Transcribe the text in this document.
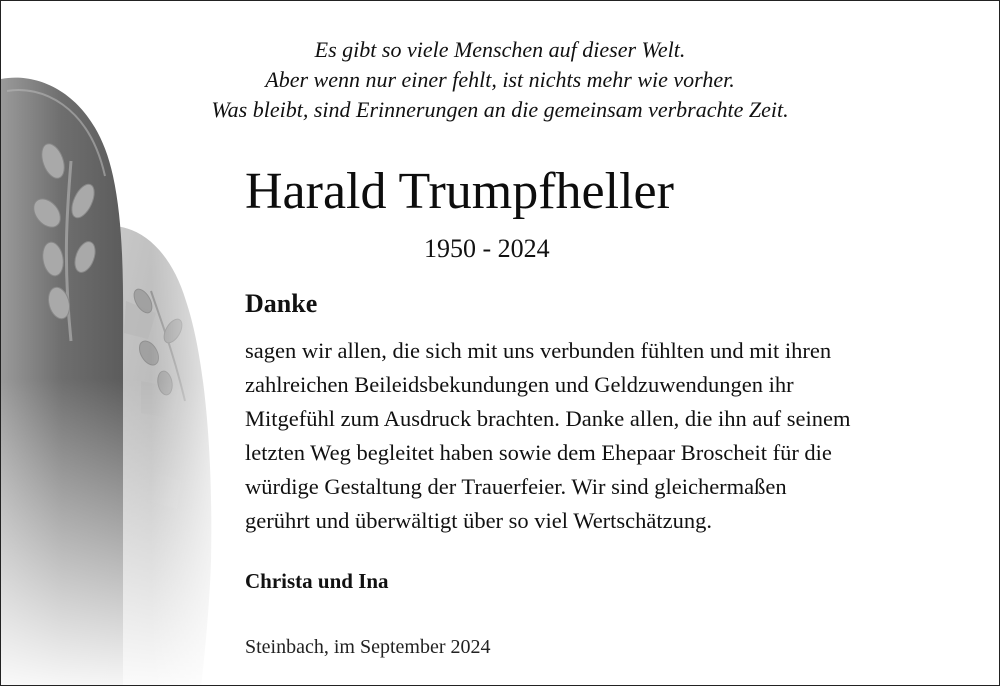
Es gibt so viele Menschen auf dieser Welt.
Aber wenn nur einer fehlt, ist nichts mehr wie vorher.
Was bleibt, sind Erinnerungen an die gemeinsam verbrachte Zeit.
Harald Trumpfheller
1950 - 2024
Danke
sagen wir allen, die sich mit uns verbunden fühlten und mit ihren
zahlreichen Beileidsbekundungen und Geldzuwendungen ihr
Mitgefühl zum Ausdruck brachten. Danke allen, die ihn auf seinem
letzten Weg begleitet haben sowie dem Ehepaar Broscheit für die
würdige Gestaltung der Trauerfeier. Wir sind gleichermaßen
gerührt und überwältigt über so viel Wertschätzung.
Christa und Ina
Steinbach, im September 2024
